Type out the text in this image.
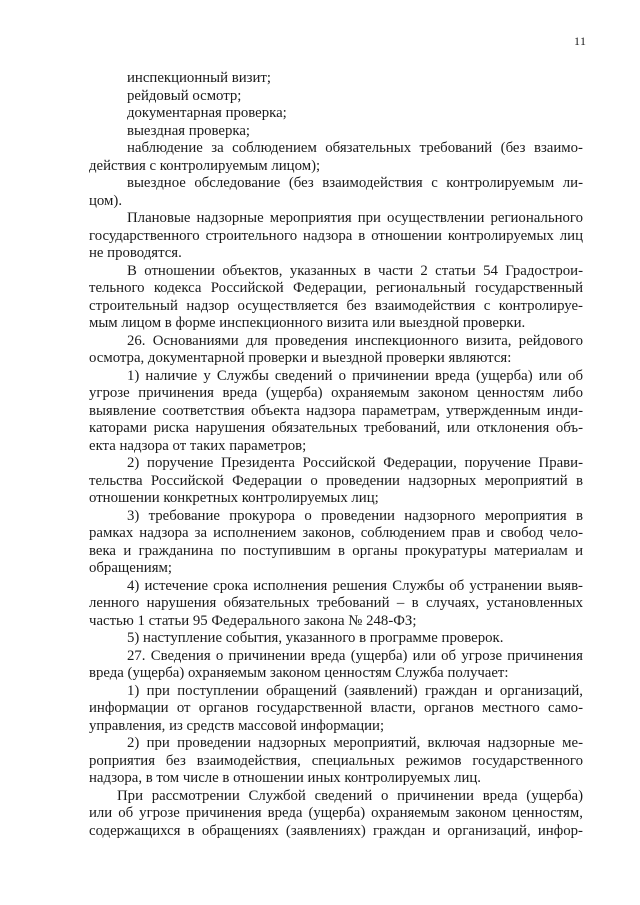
11
инспекционный визит;
рейдовый осмотр;
документарная проверка;
выездная проверка;
наблюдение за соблюдением обязательных требований (без взаимо-
действия с контролируемым лицом);
выездное обследование (без взаимодействия с контролируемым ли-
цом).
Плановые надзорные мероприятия при осуществлении регионального
государственного строительного надзора в отношении контролируемых лиц
не проводятся.
В отношении объектов, указанных в части 2 статьи 54 Градострои-
тельного кодекса Российской Федерации, региональный государственный
строительный надзор осуществляется без взаимодействия с контролируе-
мым лицом в форме инспекционного визита или выездной проверки.
26. Основаниями для проведения инспекционного визита, рейдового
осмотра, документарной проверки и выездной проверки являются:
1) наличие у Службы сведений о причинении вреда (ущерба) или об
угрозе причинения вреда (ущерба) охраняемым законом ценностям либо
выявление соответствия объекта надзора параметрам, утвержденным инди-
каторами риска нарушения обязательных требований, или отклонения объ-
екта надзора от таких параметров;
2) поручение Президента Российской Федерации, поручение Прави-
тельства Российской Федерации о проведении надзорных мероприятий в
отношении конкретных контролируемых лиц;
3) требование прокурора о проведении надзорного мероприятия в
рамках надзора за исполнением законов, соблюдением прав и свобод чело-
века и гражданина по поступившим в органы прокуратуры материалам и
обращениям;
4) истечение срока исполнения решения Службы об устранении выяв-
ленного нарушения обязательных требований – в случаях, установленных
частью 1 статьи 95 Федерального закона № 248-ФЗ;
5) наступление события, указанного в программе проверок.
27. Сведения о причинении вреда (ущерба) или об угрозе причинения
вреда (ущерба) охраняемым законом ценностям Служба получает:
1) при поступлении обращений (заявлений) граждан и организаций,
информации от органов государственной власти, органов местного само-
управления, из средств массовой информации;
2) при проведении надзорных мероприятий, включая надзорные ме-
роприятия без взаимодействия, специальных режимов государственного
надзора, в том числе в отношении иных контролируемых лиц.
При рассмотрении Службой сведений о причинении вреда (ущерба)
или об угрозе причинения вреда (ущерба) охраняемым законом ценностям,
содержащихся в обращениях (заявлениях) граждан и организаций, инфор-
